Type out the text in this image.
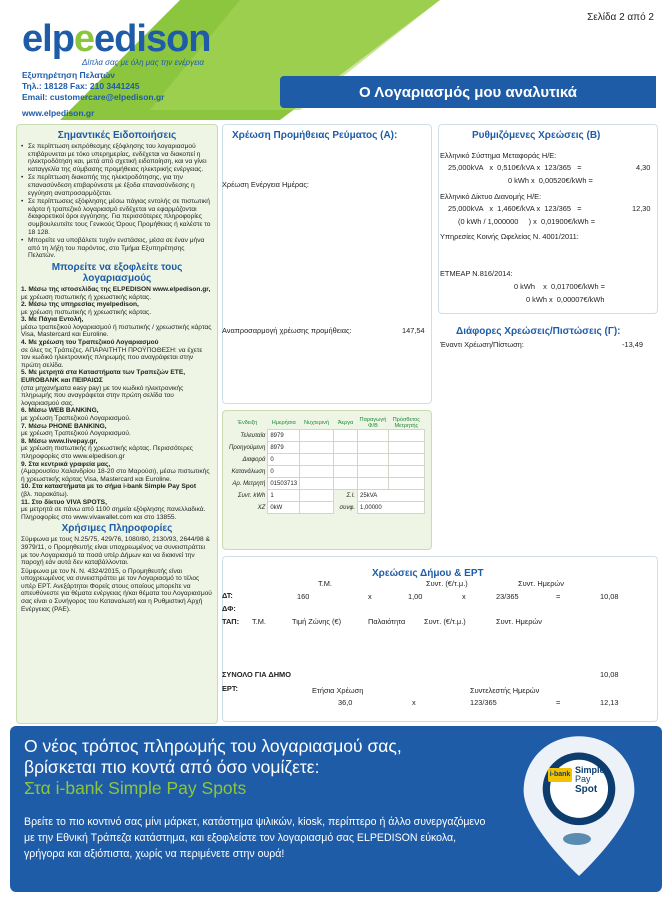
Σελίδα 2 από 2
elpeedison
Δίπλα σας με όλη μας την ενέργεια
Εξυπηρέτηση Πελατών
Τηλ.: 18128 Fax: 210 3441245
Email: customercare@elpedison.gr
www.elpedison.gr
Ο Λογαριασμός μου αναλυτικά
Σημαντικές Ειδοποιήσεις
• Σε περίπτωση εκπρόθεσμης εξόφλησης του λογαριασμού επιβάρυνεται με τόκο υπερημερίας, ενδέχεται να διακοπεί η ηλεκτροδότηση και, μετά από σχετική ειδοποίηση, και να γίνει καταγγελία της σύμβασης προμήθειας ηλεκτρικής ενέργειας.
• Σε περίπτωση διακοπής της ηλεκτροδότησης, για την επανασύνδεση επιβαρύνεστε με έξοδα επανασύνδεσης η εγγύηση αναπροσαρμόζεται.
• Σε περίπτωσεις εξόφλησης μέσω πάγιας εντολής σε πιστωτική κάρτα ή τραπεζικό λογαριασμό ενδέχεται να εφαρμόζονται διαφορετικοί όροι εγγύησης. Για περισσότερες πληροφορίες συμβουλευτείτε τους Γενικούς Όρους Προμήθειας ή καλέστε το 18 128.
• Μπορείτε να υποβάλετε τυχόν ενστάσεις, μέσα σε έναν μήνα από τη λήξη του παρόντος, στο Τμήμα Εξυπηρέτησης Πελατών.
Μπορείτε να εξοφλείτε τους λογαριασμούς
1. Μέσω της ιστοσελίδας της ELPEDISON www.elpedison.gr,
με χρέωση πιστωτικής ή χρεωστικής κάρτας.
2. Μέσω της υπηρεσίας myelpedison,
με χρέωση πιστωτικής ή χρεωστικής κάρτας.
3. Με Πάγια Εντολή,
μέσω τραπεζικού λογαριασμού ή πιστωτικής / χρεωστικής κάρτας Visa, Mastercard και Euroline.
4. Με χρέωση του Τραπεζικού Λογαριασμού
σε όλες τις Τράπεζες. ΑΠΑΡΑΙΤΗΤΗ ΠΡΟΫΠΟΘΕΣΗ: να έχετε τον κωδικό ηλεκτρονικής πληρωμής που αναγράφεται στην πρώτη σελίδα.
5. Με μετρητά στα Καταστήματα των Τραπεζών ΕΤΕ, EUROBANK και ΠΕΙΡΑΙΩΣ
(στα μηχανήματα easy pay) με τον κωδικό ηλεκτρονικής πληρωμής που αναγράφεται στην πρώτη σελίδα του λογαριασμού σας.
6. Μέσω WEB BANKING,
με χρέωση Τραπεζικού Λογαριασμού.
7. Μέσω PHONE BANKING,
με χρέωση Τραπεζικού Λογαριασμού.
8. Μέσω www.livepay.gr,
με χρέωση πιστωτικής ή χρεωστικής κάρτας. Περισσότερες πληροφορίες στο www.elpedison.gr
9. Στα κεντρικά γραφεία μας,
(Αμαρουσίου Χαλανδρίου 18-20 στο Μαρούσι), μέσω πιστωτικής ή χρεωστικής κάρτας Visa, Mastercard και Euroline.
10. Στα καταστήματα με το σήμα i-bank Simple Pay Spot
(βλ. παρακάτω).
11. Στο δίκτυο VIVA SPOTS,
με μετρητά σε πάνω από 1100 σημεία εξόφλησης πανελλαδικά. Πληροφορίες στο www.vivawallet.com και στο 13855.
Χρήσιμες Πληροφορίες
Σύμφωνα με τους Ν.25/75, 429/76, 1080/80, 2130/93, 2644/98 & 3979/11, ο Προμηθευτής είναι υποχρεωμένος να συνεισπράττει με τον Λογαριασμό τα ποσά υπέρ Δήμων και να διακινεί την παροχή εάν αυτά δεν καταβάλλονται.
Σύμφωνα με τον Ν. Ν. 4324/2015, ο Προμηθευτής είναι υποχρεωμένος να συνεισπράττει με τον Λογαριασμό το τέλος υπέρ ΕΡΤ. Ανεξάρτητοι Φορείς στους οποίους μπορείτε να απευθύνεστε για θέματα ενέργειας ή/και θέματα του Λογαριασμού σας είναι ο Συνήγορος του Καταναλωτή και η Ρυθμιστική Αρχή Ενέργειας (ΡΑΕ).
Χρέωση Προμήθειας Ρεύματος (Α):
Χρέωση Ενέργεια Ημέρας:
Αναπροσαρμογή χρέωσης προμήθειας:	147,54
Ρυθμιζόμενες Χρεώσεις (Β)
Ελληνικό Σύστημα Μεταφοράς Η/Ε:
25,000kVA   x  0,510€/kVA x  123/365   =	4,30
0 kWh x  0,00520€/kWh =
Ελληνικό Δίκτυο Διανομής Η/Ε:
25,000kVA   x  1,460€/kVA x  123/365   =	12,30
(0 kWh / 1,000000     ) x  0,01900€/kWh =
Υπηρεσίες Κοινής Ωφελείας Ν. 4001/2011:
ΕΤΜΕΑΡ Ν.816/2014:
0 kWh    x  0,01700€/kWh =
0 kWh x  0,00007€/kWh
Διάφορες Χρεώσεις/Πιστώσεις (Γ):
Έναντι Χρέωση/Πίστωση:	-13,49
Ένδειξη	Ημερήσια	Νυχτερινή	Άεργα	Παραγωγή Φ/Β	Πρόσθετος Μετρητής
Τελευταία	8979				
Προηγούμενη	8979				
Διαφορά	0				
Κατανάλωση	0				
Αρ. Μετρητή	01503713				
Συντ. kWh	1		Σ.Ι.	25kVA	
ΧΖ	0kW		συνφ.	1,00000	
Χρεώσεις Δήμου & ΕΡΤ
Τ.Μ.	Συντ. (€/τ.μ.)	Συντ. Ημερών
ΔΤ:	160	x	1,00	x	23/365	=	10,08
ΔΦ:
ΤΑΠ: Τ.Μ.	Τιμή Ζώνης (€)	Παλαιότητα	Συντ. (€/τ.μ.)	Συντ. Ημερών
ΣΥΝΟΛΟ ΓΙΑ ΔΗΜΟ	10,08
ΕΡΤ:	Ετήσια Χρέωση	Συντελεστής Ημερών
36,0	x	123/365	=	12,13
Ο νέος τρόπος πληρωμής του λογαριασμού σας,
βρίσκεται πιο κοντά από όσο νομίζετε:
Στα i-bank Simple Pay Spots
Βρείτε το πιο κοντινό σας μίνι μάρκετ, κατάστημα ψιλικών, kiosk, περίπτερο ή άλλο συνεργαζόμενο με την Εθνική Τράπεζα κατάστημα, και εξοφλείστε τον λογαριασμό σας ELPEDISON εύκολα, γρήγορα και αξιόπιστα, χωρίς να περιμένετε στην ουρά!
i-bank Simple
Pay
Spot
